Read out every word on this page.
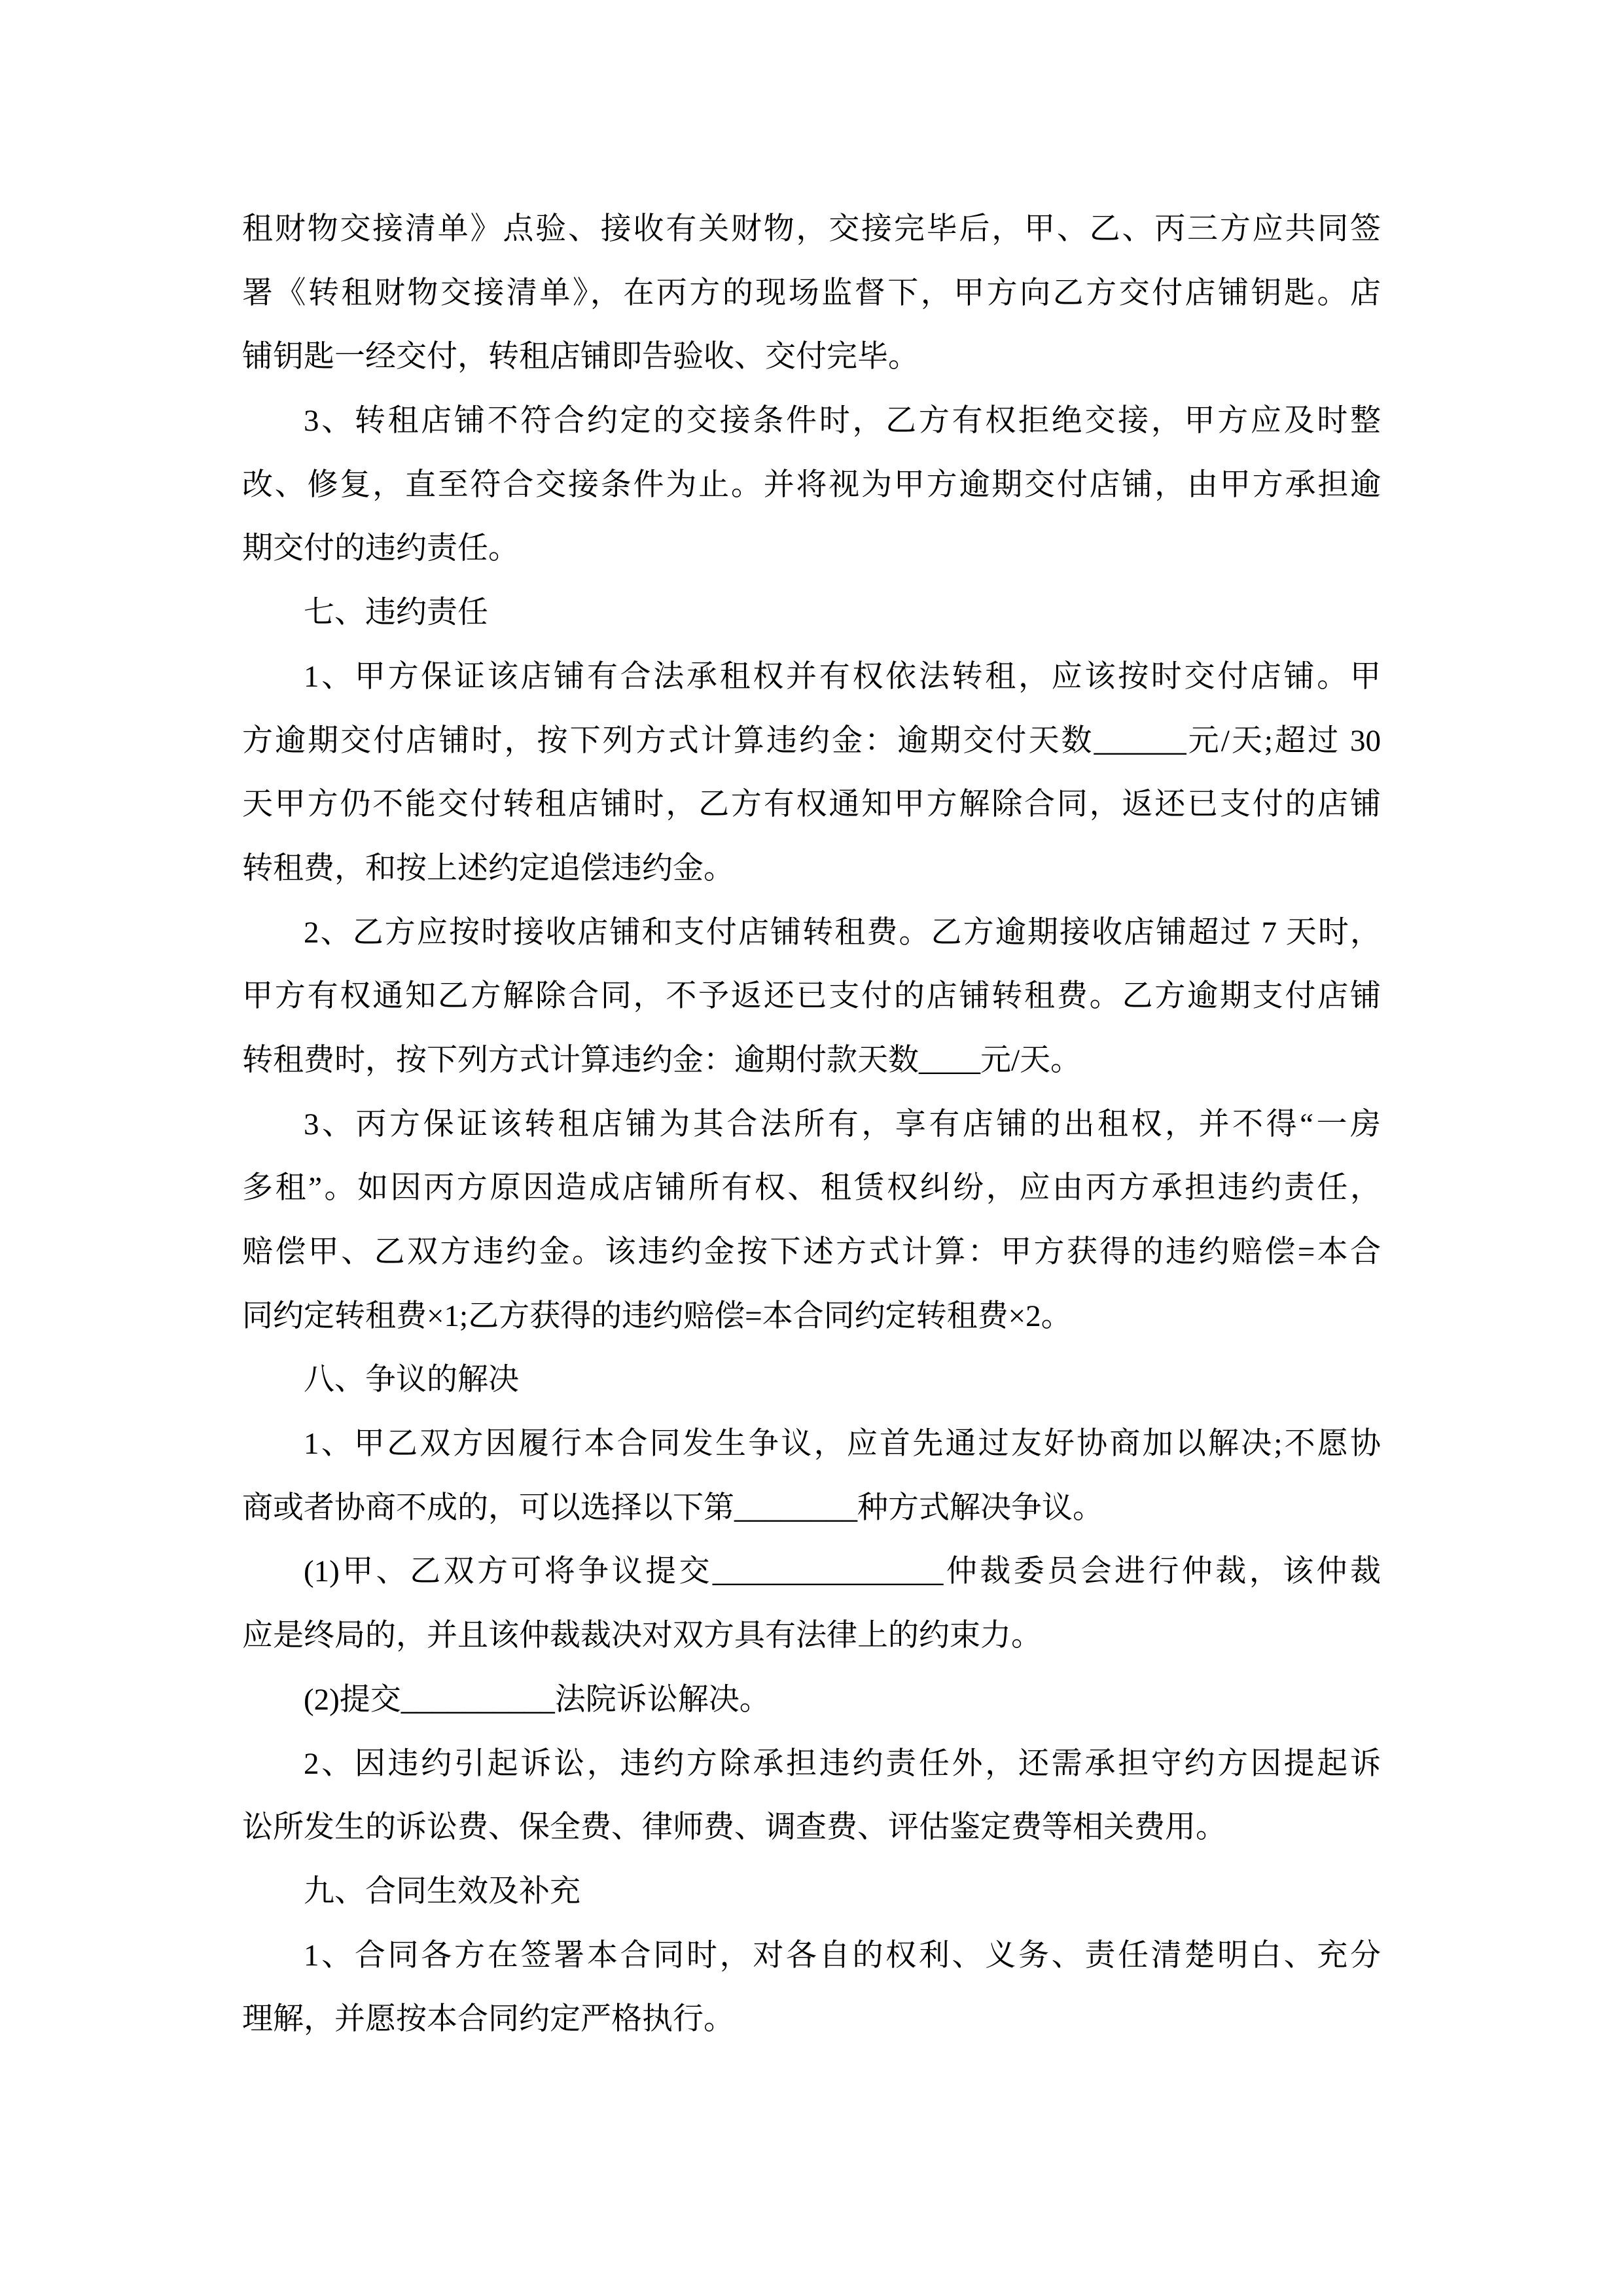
租财物交接清单》点验、接收有关财物，交接完毕后，甲、乙、丙三方应共同签
署《转租财物交接清单》，在丙方的现场监督下，甲方向乙方交付店铺钥匙。店
铺钥匙一经交付，转租店铺即告验收、交付完毕。
3、转租店铺不符合约定的交接条件时，乙方有权拒绝交接，甲方应及时整
改、修复，直至符合交接条件为止。并将视为甲方逾期交付店铺，由甲方承担逾
期交付的违约责任。
七、违约责任
1、甲方保证该店铺有合法承租权并有权依法转租，应该按时交付店铺。甲
方逾期交付店铺时，按下列方式计算违约金：逾期交付天数______元/天;超过 30
天甲方仍不能交付转租店铺时，乙方有权通知甲方解除合同，返还已支付的店铺
转租费，和按上述约定追偿违约金。
2、乙方应按时接收店铺和支付店铺转租费。乙方逾期接收店铺超过 7 天时，
甲方有权通知乙方解除合同，不予返还已支付的店铺转租费。乙方逾期支付店铺
转租费时，按下列方式计算违约金：逾期付款天数____元/天。
3、丙方保证该转租店铺为其合法所有，享有店铺的出租权，并不得“一房
多租”。如因丙方原因造成店铺所有权、租赁权纠纷，应由丙方承担违约责任，
赔偿甲、乙双方违约金。该违约金按下述方式计算：甲方获得的违约赔偿=本合
同约定转租费×1;乙方获得的违约赔偿=本合同约定转租费×2。
八、争议的解决
1、甲乙双方因履行本合同发生争议，应首先通过友好协商加以解决;不愿协
商或者协商不成的，可以选择以下第________种方式解决争议。
(1)甲、乙双方可将争议提交_______________仲裁委员会进行仲裁，该仲裁
应是终局的，并且该仲裁裁决对双方具有法律上的约束力。
(2)提交__________法院诉讼解决。
2、因违约引起诉讼，违约方除承担违约责任外，还需承担守约方因提起诉
讼所发生的诉讼费、保全费、律师费、调查费、评估鉴定费等相关费用。
九、合同生效及补充
1、合同各方在签署本合同时，对各自的权利、义务、责任清楚明白、充分
理解，并愿按本合同约定严格执行。
